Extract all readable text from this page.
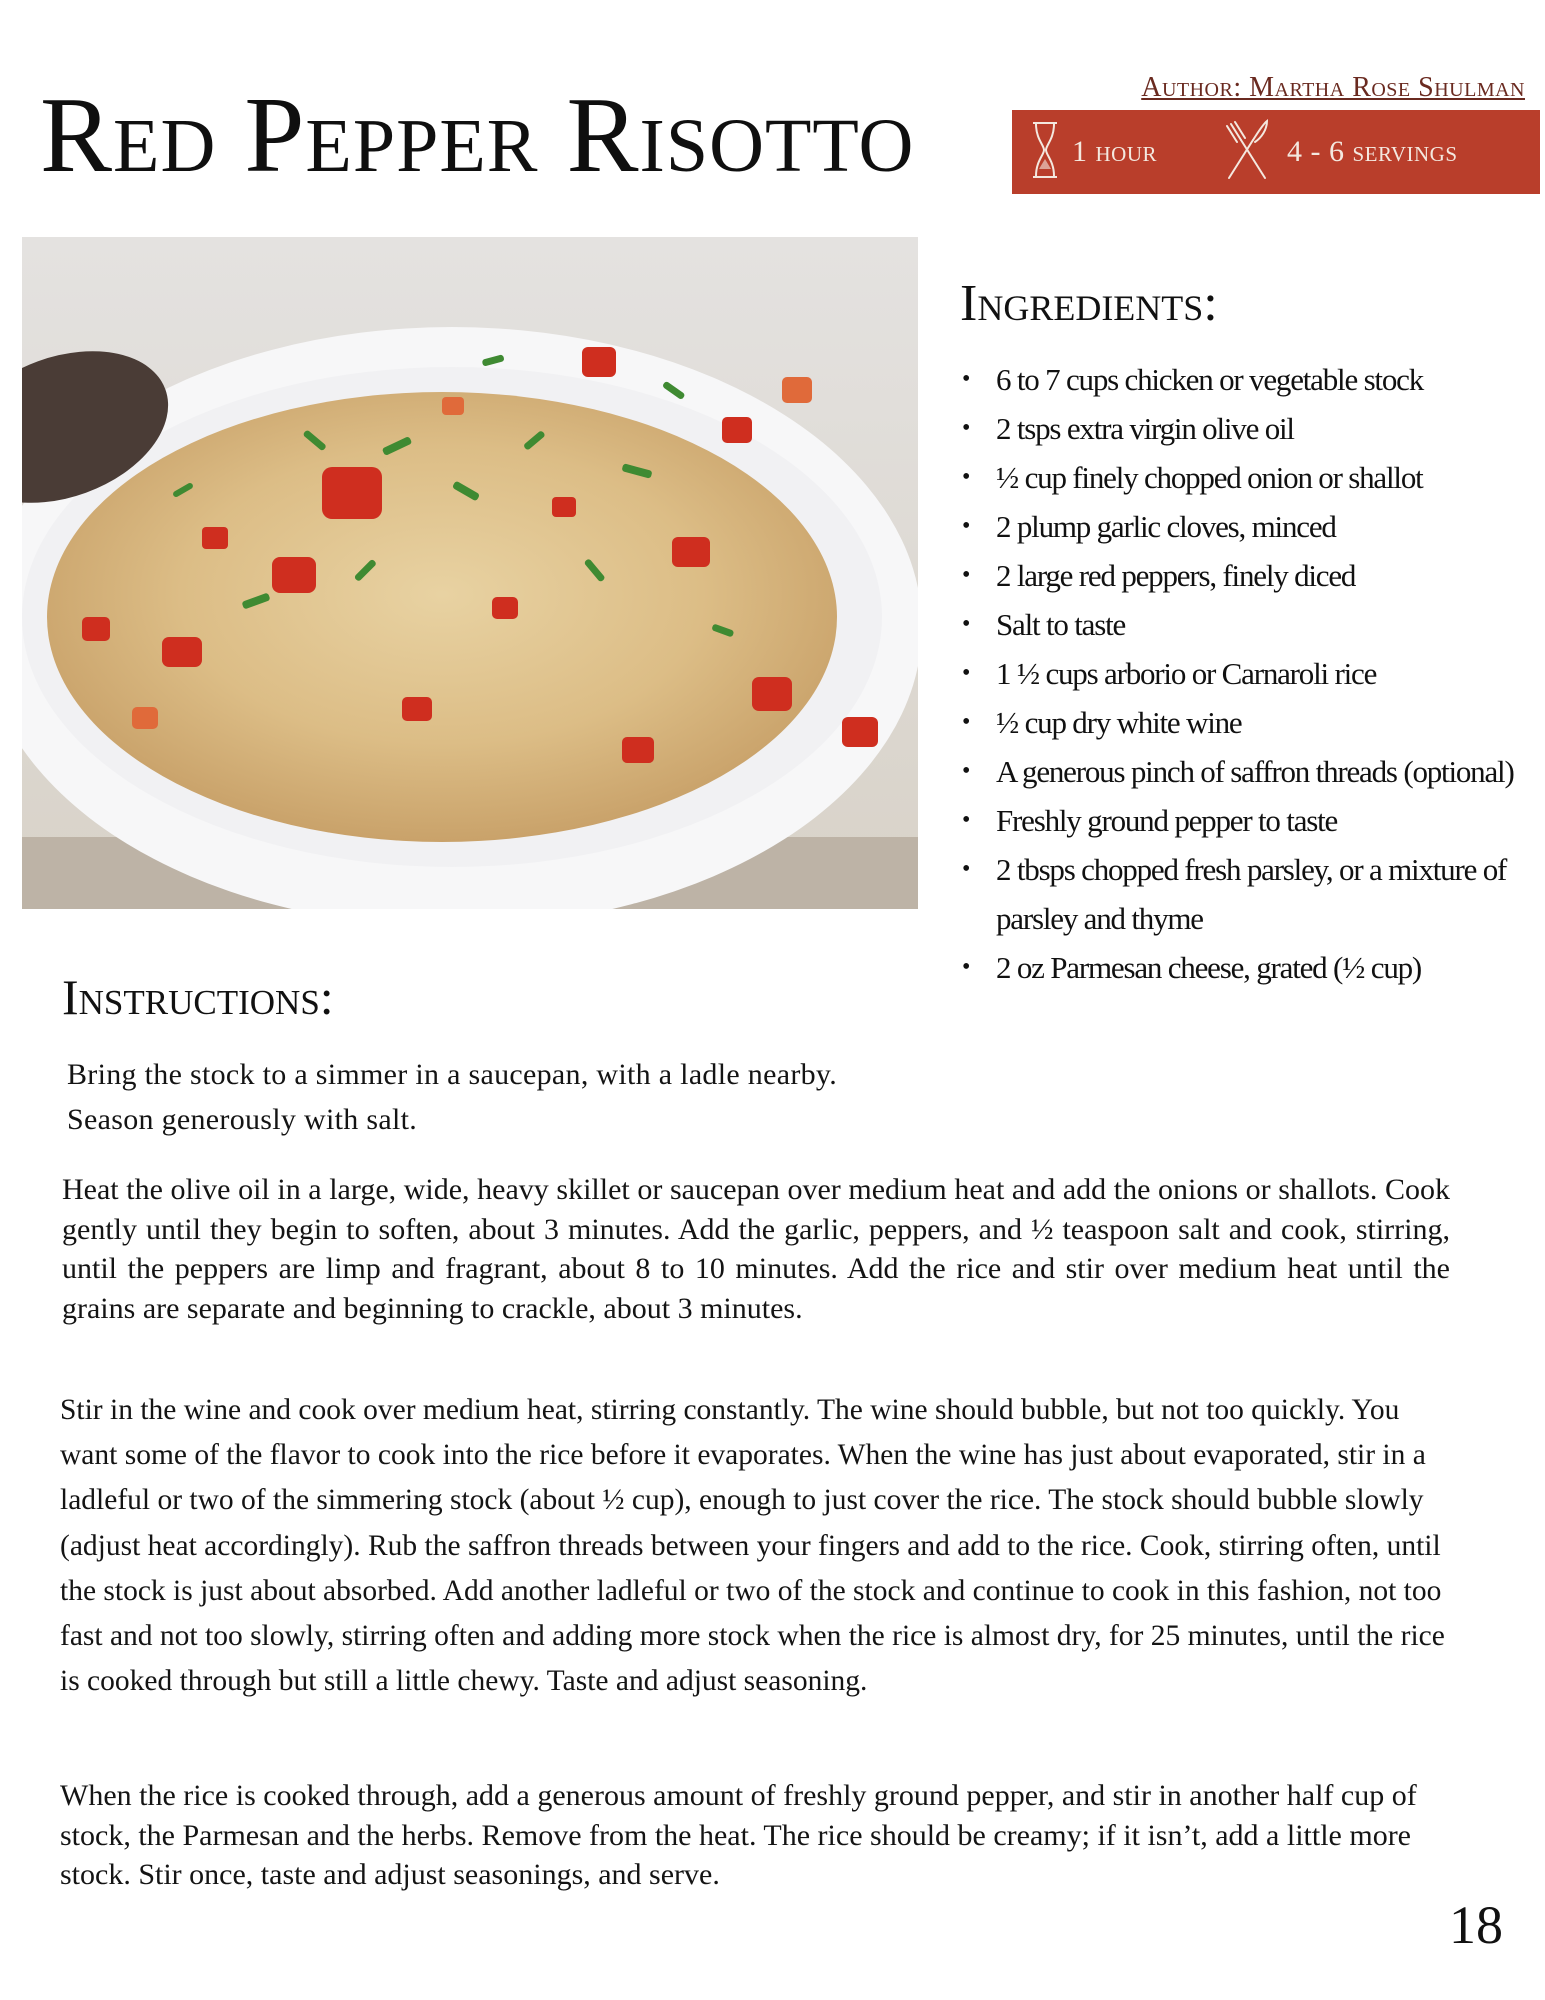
Red Pepper Risotto	Author: Martha Rose Shulman
1 hour	4 - 6 servings
Ingredients:
• 6 to 7 cups chicken or vegetable stock
• 2 tsps extra virgin olive oil
• ½ cup finely chopped onion or shallot
• 2 plump garlic cloves, minced
• 2 large red peppers, finely diced
• Salt to taste
• 1 ½ cups arborio or Carnaroli rice
• ½ cup dry white wine
• A generous pinch of saffron threads (optional)
• Freshly ground pepper to taste
• 2 tbsps chopped fresh parsley, or a mixture of parsley and thyme
• 2 oz Parmesan cheese, grated (½ cup)
Instructions:

Bring the stock to a simmer in a saucepan, with a ladle nearby. Season generously with salt.

Heat the olive oil in a large, wide, heavy skillet or saucepan over medium heat and add the onions or shallots. Cook gently until they begin to soften, about 3 minutes. Add the garlic, peppers, and ½ teaspoon salt and cook, stirring, until the peppers are limp and fragrant, about 8 to 10 minutes. Add the rice and stir over medium heat until the grains are separate and beginning to crackle, about 3 minutes.

Stir in the wine and cook over medium heat, stirring constantly. The wine should bubble, but not too quickly. You want some of the flavor to cook into the rice before it evaporates. When the wine has just about evaporated, stir in a ladleful or two of the simmering stock (about ½ cup), enough to just cover the rice. The stock should bubble slowly (adjust heat accordingly). Rub the saffron threads between your fingers and add to the rice. Cook, stirring often, until the stock is just about absorbed. Add another ladleful or two of the stock and continue to cook in this fashion, not too fast and not too slowly, stirring often and adding more stock when the rice is almost dry, for 25 minutes, until the rice is cooked through but still a little chewy. Taste and adjust seasoning.

When the rice is cooked through, add a generous amount of freshly ground pepper, and stir in another half cup of stock, the Parmesan and the herbs. Remove from the heat. The rice should be creamy; if it isn’t, add a little more stock. Stir once, taste and adjust seasonings, and serve.

18
